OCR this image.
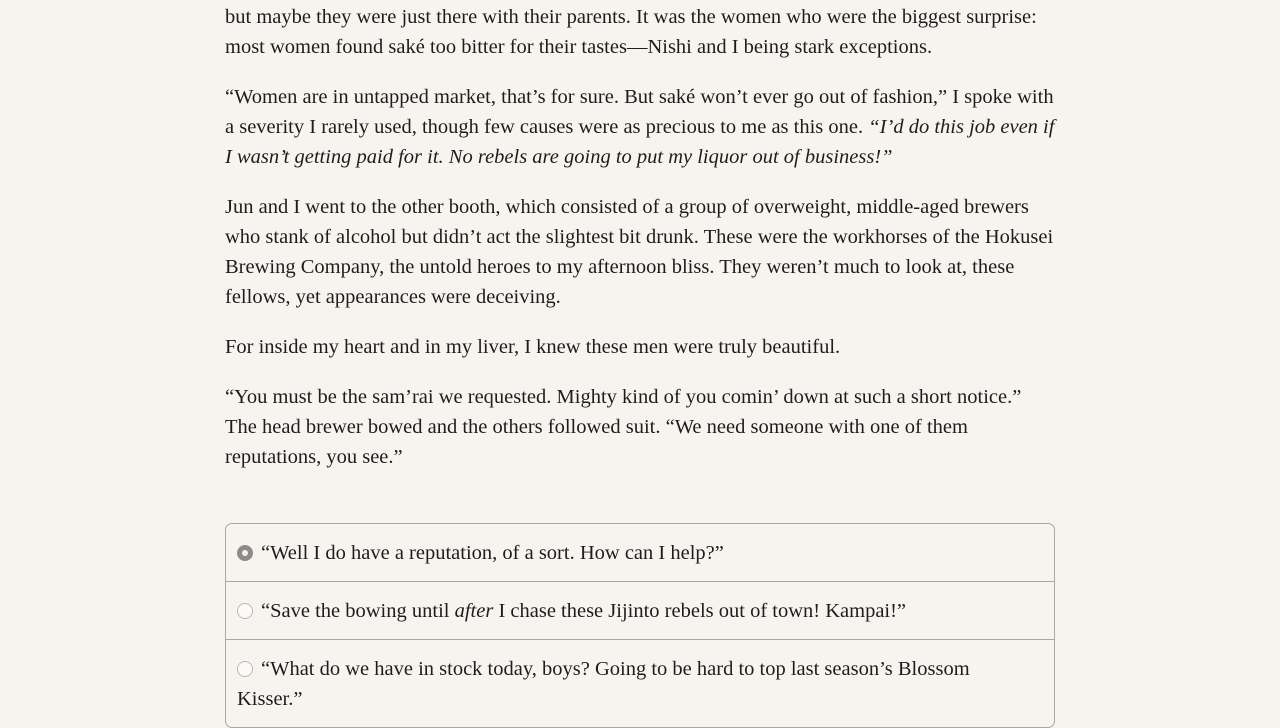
but maybe they were just there with their parents. It was the women who were the biggest surprise: most women found saké too bitter for their tastes—Nishi and I being stark exceptions.

“Women are in untapped market, that’s for sure. But saké won’t ever go out of fashion,” I spoke with a severity I rarely used, though few causes were as precious to me as this one. “I’d do this job even if I wasn’t getting paid for it. No rebels are going to put my liquor out of business!”

Jun and I went to the other booth, which consisted of a group of overweight, middle-aged brewers who stank of alcohol but didn’t act the slightest bit drunk. These were the workhorses of the Hokusei Brewing Company, the untold heroes to my afternoon bliss. They weren’t much to look at, these fellows, yet appearances were deceiving.

For inside my heart and in my liver, I knew these men were truly beautiful.

“You must be the sam’rai we requested. Mighty kind of you comin’ down at such a short notice.” The head brewer bowed and the others followed suit. “We need someone with one of them reputations, you see.”

“Well I do have a reputation, of a sort. How can I help?”
“Save the bowing until after I chase these Jijinto rebels out of town! Kampai!”
“What do we have in stock today, boys? Going to be hard to top last season’s Blossom Kisser.”
